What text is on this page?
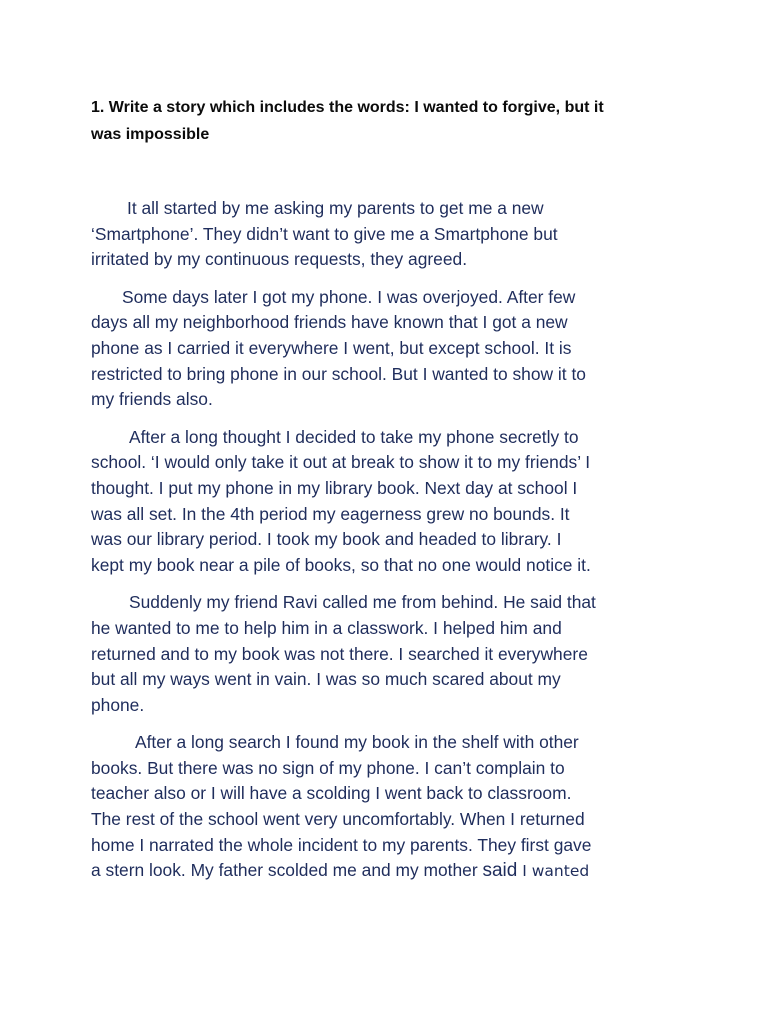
1. Write a story which includes the words: I wanted to forgive, but it
was impossible

It all started by me asking my parents to get me a new
‘Smartphone’. They didn’t want to give me a Smartphone but
irritated by my continuous requests, they agreed.

Some days later I got my phone. I was overjoyed. After few
days all my neighborhood friends have known that I got a new
phone as I carried it everywhere I went, but except school. It is
restricted to bring phone in our school. But I wanted to show it to
my friends also.

After a long thought I decided to take my phone secretly to
school. ‘I would only take it out at break to show it to my friends’ I
thought. I put my phone in my library book. Next day at school I
was all set. In the 4th period my eagerness grew no bounds. It
was our library period. I took my book and headed to library. I
kept my book near a pile of books, so that no one would notice it.

Suddenly my friend Ravi called me from behind. He said that
he wanted to me to help him in a classwork. I helped him and
returned and to my book was not there. I searched it everywhere
but all my ways went in vain. I was so much scared about my
phone.

After a long search I found my book in the shelf with other
books. But there was no sign of my phone. I can’t complain to
teacher also or I will have a scolding I went back to classroom.
The rest of the school went very uncomfortably. When I returned
home I narrated the whole incident to my parents. They first gave
a stern look. My father scolded me and my mother said I wanted
